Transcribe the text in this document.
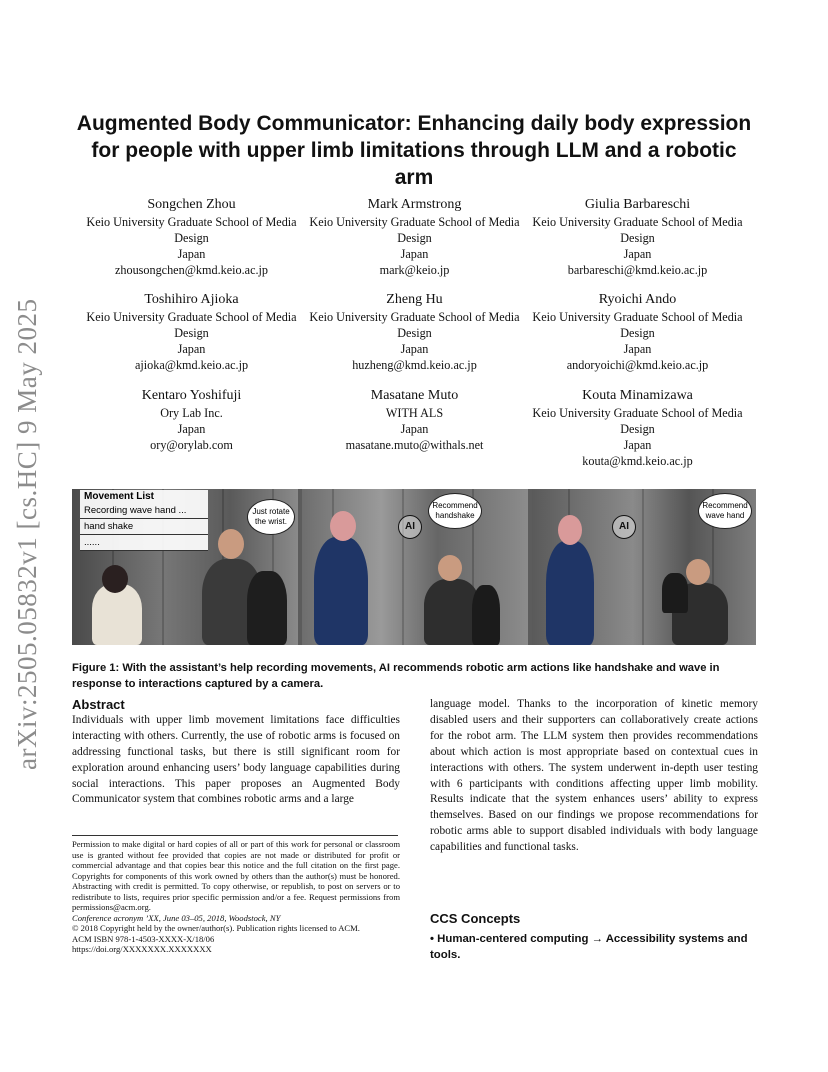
arXiv:2505.05832v1 [cs.HC] 9 May 2025
Augmented Body Communicator: Enhancing daily body expression for people with upper limb limitations through LLM and a robotic arm
Songchen Zhou
Keio University Graduate School of Media Design
Japan
zhousongchen@kmd.keio.ac.jp
Mark Armstrong
Keio University Graduate School of Media Design
Japan
mark@keio.jp
Giulia Barbareschi
Keio University Graduate School of Media Design
Japan
barbareschi@kmd.keio.ac.jp
Toshihiro Ajioka
Keio University Graduate School of Media Design
Japan
ajioka@kmd.keio.ac.jp
Zheng Hu
Keio University Graduate School of Media Design
Japan
huzheng@kmd.keio.ac.jp
Ryoichi Ando
Keio University Graduate School of Media Design
Japan
andoryoichi@kmd.keio.ac.jp
Kentaro Yoshifuji
Ory Lab Inc.
Japan
ory@orylab.com
Masatane Muto
WITH ALS
Japan
masatane.muto@withals.net
Kouta Minamizawa
Keio University Graduate School of Media Design
Japan
kouta@kmd.keio.ac.jp
Movement List
Recording wave hand ...
hand shake
......
Just rotate the wrist.	AI
Recommend handshake
AI
Recommend wave hand
Figure 1: With the assistant’s help recording movements, AI recommends robotic arm actions like handshake and wave in response to interactions captured by a camera.
Abstract
Individuals with upper limb movement limitations face difficulties interacting with others. Currently, the use of robotic arms is focused on addressing functional tasks, but there is still significant room for exploration around enhancing users’ body language capabilities during social interactions. This paper proposes an Augmented Body Communicator system that combines robotic arms and a large
language model. Thanks to the incorporation of kinetic memory disabled users and their supporters can collaboratively create actions for the robot arm. The LLM system then provides recommendations about which action is most appropriate based on contextual cues in interactions with others. The system underwent in-depth user testing with 6 participants with conditions affecting upper limb mobility. Results indicate that the system enhances users’ ability to express themselves. Based on our findings we propose recommendations for robotic arms able to support disabled individuals with body language capabilities and functional tasks.
Permission to make digital or hard copies of all or part of this work for personal or classroom use is granted without fee provided that copies are not made or distributed for profit or commercial advantage and that copies bear this notice and the full citation on the first page. Copyrights for components of this work owned by others than the author(s) must be honored. Abstracting with credit is permitted. To copy otherwise, or republish, to post on servers or to redistribute to lists, requires prior specific permission and/or a fee. Request permissions from permissions@acm.org.
Conference acronym ’XX, June 03–05, 2018, Woodstock, NY
© 2018 Copyright held by the owner/author(s). Publication rights licensed to ACM.
ACM ISBN 978-1-4503-XXXX-X/18/06
https://doi.org/XXXXXXX.XXXXXXX
CCS Concepts
• Human-centered computing → Accessibility systems and tools.
